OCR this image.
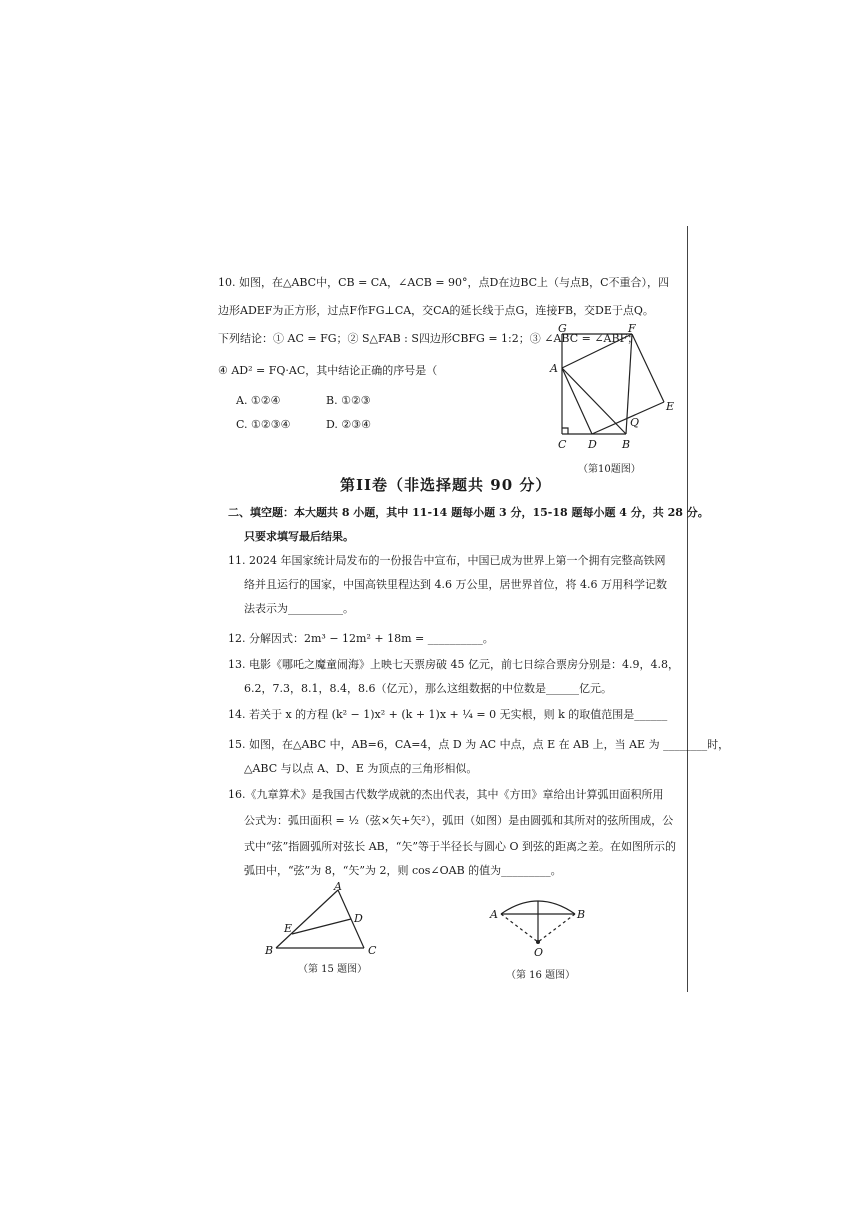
10. 如图，在△ABC中，CB = CA，∠ACB = 90°，点D在边BC上（与点B，C不重合），四
边形ADEF为正方形，过点F作FG⊥CA，交CA的延长线于点G，连接FB，交DE于点Q。
下列结论：① AC = FG；② S△FAB : S四边形CBFG = 1:2；③ ∠ABC = ∠ABF；
④ AD² = FQ·AC，其中结论正确的序号是（
A. ①②④	B. ①②③
C. ①②③④	D. ②③④
G	F
A
E
Q
C D B
（第10题图）
第II卷（非选择题共 90 分）
二、填空题：本大题共 8 小题，其中 11-14 题每小题 3 分，15-18 题每小题 4 分，共 28 分。
只要求填写最后结果。
11. 2024 年国家统计局发布的一份报告中宣布，中国已成为世界上第一个拥有完整高铁网
络并且运行的国家，中国高铁里程达到 4.6 万公里，居世界首位，将 4.6 万用科学记数
法表示为__________。
12. 分解因式：2m³ − 12m² + 18m = __________。
13. 电影《哪吒之魔童闹海》上映七天票房破 45 亿元，前七日综合票房分别是：4.9，4.8，
6.2，7.3，8.1，8.4，8.6（亿元），那么这组数据的中位数是______亿元。
14. 若关于 x 的方程 (k² − 1)x² + (k + 1)x + ¼ = 0 无实根，则 k 的取值范围是______
15. 如图，在△ABC 中，AB=6，CA=4，点 D 为 AC 中点，点 E 在 AB 上，当 AE 为 ________时，
△ABC 与以点 A、D、E 为顶点的三角形相似。
16.《九章算术》是我国古代数学成就的杰出代表，其中《方田》章给出计算弧田面积所用
公式为：弧田面积 = ½（弦×矢+矢²），弧田（如图）是由圆弧和其所对的弦所围成，公
式中“弦”指圆弧所对弦长 AB，“矢”等于半径长与圆心 O 到弦的距离之差。在如图所示的
弧田中，“弦”为 8，“矢”为 2，则 cos∠OAB 的值为_________。
A
B	C
D
E
（第 15 题图）
A	B
O
（第 16 题图）
